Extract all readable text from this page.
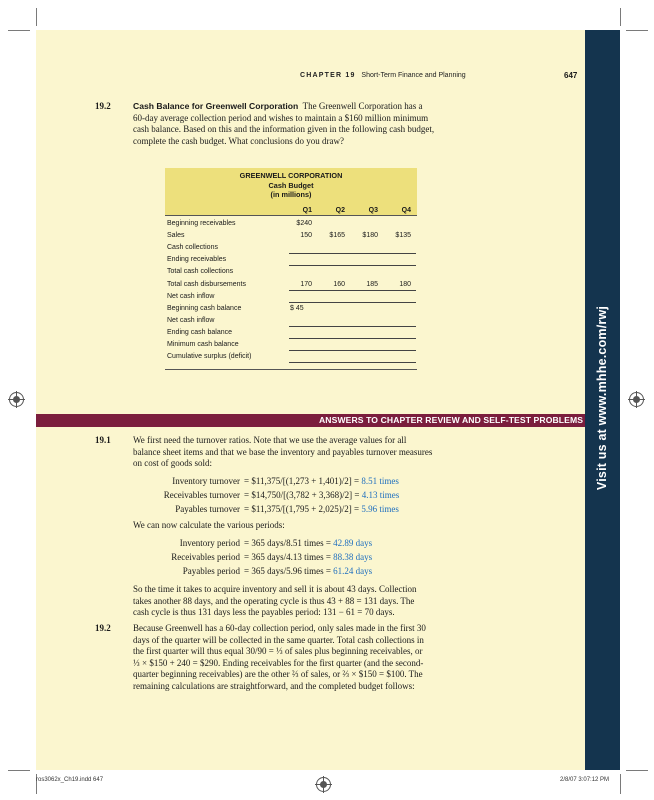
Visit us at www.mhhe.com/rwj
CHAPTER 19 Short-Term Finance and Planning	647
19.2	Cash Balance for Greenwell Corporation The Greenwell Corporation has a
60-day average collection period and wishes to maintain a $160 million minimum
cash balance. Based on this and the information given in the following cash budget,
complete the cash budget. What conclusions do you draw?
GREENWELL CORPORATION
Cash Budget
(in millions)
Q1	Q2	Q3	Q4
Beginning receivables	$240
Sales	150	$165	$180	$135
Cash collections
Ending receivables
Total cash collections
Total cash disbursements	170	160	185	180
Net cash inflow
Beginning cash balance	$ 45
Net cash inflow
Ending cash balance
Minimum cash balance
Cumulative surplus (deficit)
ANSWERS TO CHAPTER REVIEW AND SELF-TEST PROBLEMS
19.1 We first need the turnover ratios. Note that we use the average values for all
balance sheet items and that we base the inventory and payables turnover measures
on cost of goods sold:
Inventory turnover = $11,375/[(1,273 + 1,401)/2] = 8.51 times
Receivables turnover = $14,750/[(3,782 + 3,368)/2] = 4.13 times
Payables turnover = $11,375/[(1,795 + 2,025)/2] = 5.96 times
We can now calculate the various periods:
Inventory period = 365 days/8.51 times = 42.89 days
Receivables period = 365 days/4.13 times = 88.38 days
Payables period = 365 days/5.96 times = 61.24 days
So the time it takes to acquire inventory and sell it is about 43 days. Collection
takes another 88 days, and the operating cycle is thus 43 + 88 = 131 days. The
cash cycle is thus 131 days less the payables period: 131 − 61 = 70 days.
19.2 Because Greenwell has a 60-day collection period, only sales made in the first 30
days of the quarter will be collected in the same quarter. Total cash collections in
the first quarter will thus equal 30/90 = ⅓ of sales plus beginning receivables, or
⅓ × $150 + 240 = $290. Ending receivables for the first quarter (and the second-
quarter beginning receivables) are the other ⅔ of sales, or ⅔ × $150 = $100. The
remaining calculations are straightforward, and the completed budget follows:
ros3062x_Ch19.indd 647	2/8/07 3:07:12 PM
